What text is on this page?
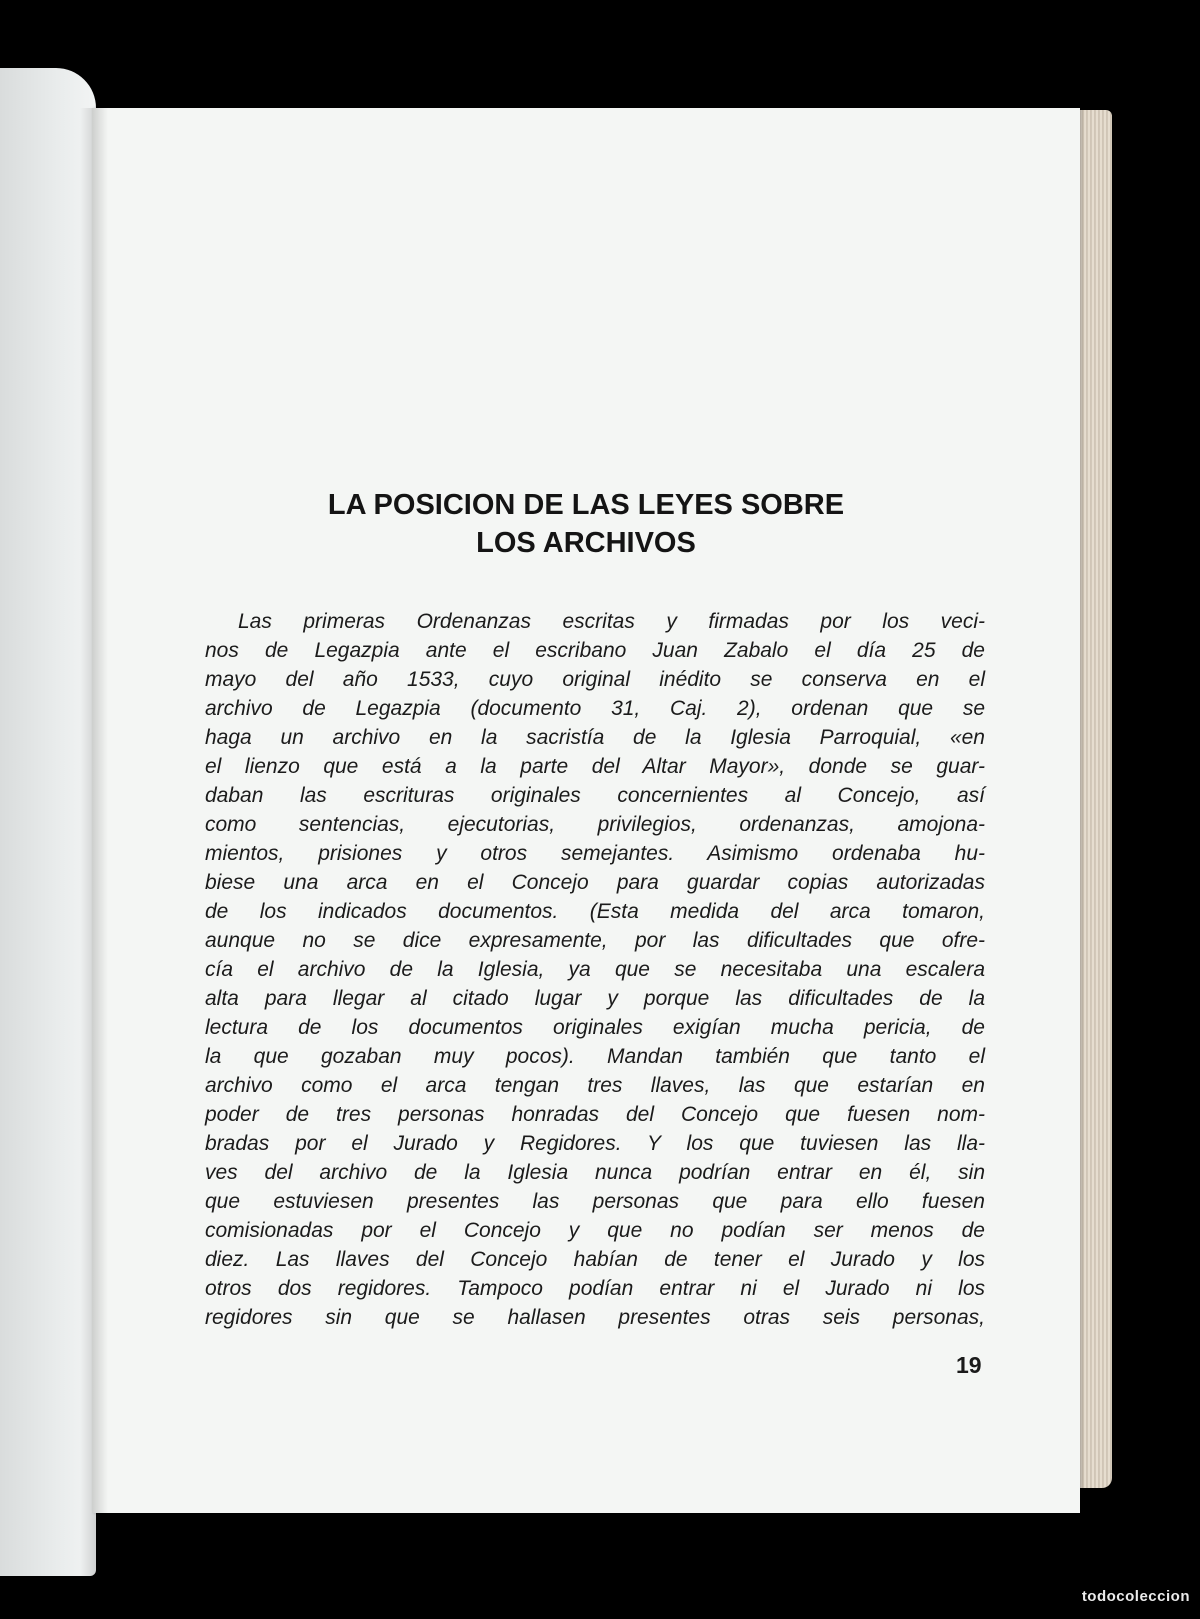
LA POSICION DE LAS LEYES SOBRE
LOS ARCHIVOS

Las primeras Ordenanzas escritas y firmadas por los veci-
nos de Legazpia ante el escribano Juan Zabalo el día 25 de
mayo del año 1533, cuyo original inédito se conserva en el
archivo de Legazpia (documento 31, Caj. 2), ordenan que se
haga un archivo en la sacristía de la Iglesia Parroquial, «en
el lienzo que está a la parte del Altar Mayor», donde se guar-
daban las escrituras originales concernientes al Concejo, así
como sentencias, ejecutorias, privilegios, ordenanzas, amojona-
mientos, prisiones y otros semejantes. Asimismo ordenaba hu-
biese una arca en el Concejo para guardar copias autorizadas
de los indicados documentos. (Esta medida del arca tomaron,
aunque no se dice expresamente, por las dificultades que ofre-
cía el archivo de la Iglesia, ya que se necesitaba una escalera
alta para llegar al citado lugar y porque las dificultades de la
lectura de los documentos originales exigían mucha pericia, de
la que gozaban muy pocos). Mandan también que tanto el
archivo como el arca tengan tres llaves, las que estarían en
poder de tres personas honradas del Concejo que fuesen nom-
bradas por el Jurado y Regidores. Y los que tuviesen las lla-
ves del archivo de la Iglesia nunca podrían entrar en él, sin
que estuviesen presentes las personas que para ello fuesen
comisionadas por el Concejo y que no podían ser menos de
diez. Las llaves del Concejo habían de tener el Jurado y los
otros dos regidores. Tampoco podían entrar ni el Jurado ni los
regidores sin que se hallasen presentes otras seis personas,

19
todocoleccion
